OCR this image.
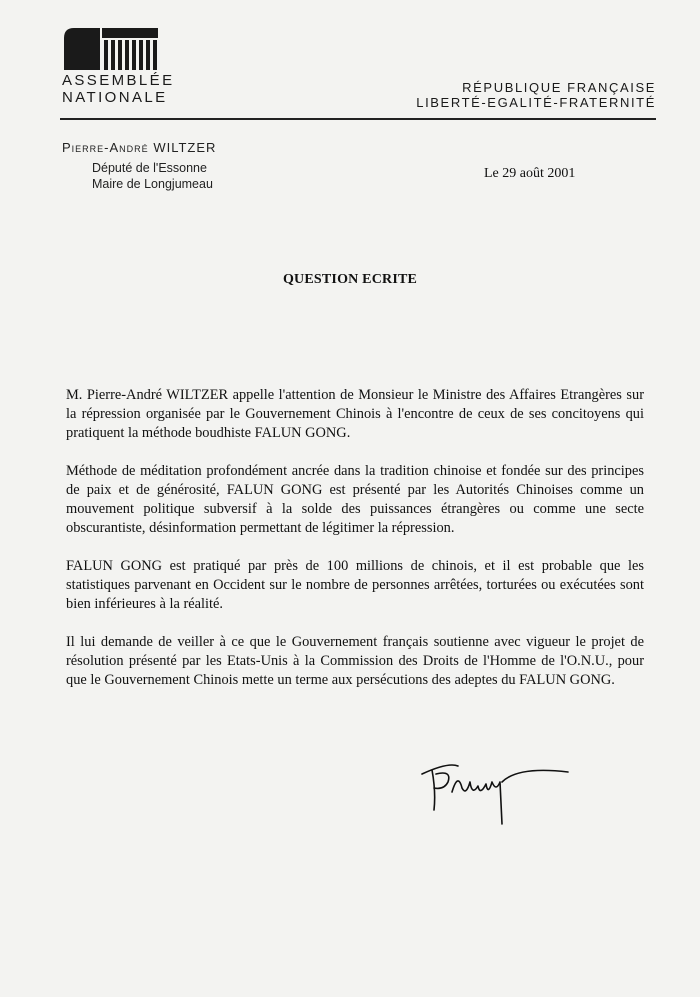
ASSEMBLÉE
NATIONALE
RÉPUBLIQUE FRANÇAISE
LIBERTÉ-EGALITÉ-FRATERNITÉ
Pierre-André WILTZER
Député de l'Essonne
Maire de Longjumeau
Le 29 août 2001
QUESTION ECRITE

M. Pierre-André WILTZER appelle l'attention de Monsieur le Ministre des Affaires Etrangères sur la répression organisée par le Gouvernement Chinois à l'encontre de ceux de ses concitoyens qui pratiquent la méthode boudhiste FALUN GONG.

Méthode de méditation profondément ancrée dans la tradition chinoise et fondée sur des principes de paix et de générosité, FALUN GONG est présenté par les Autorités Chinoises comme un mouvement politique subversif à la solde des puissances étrangères ou comme une secte obscurantiste, désinformation permettant de légitimer la répression.

FALUN GONG est pratiqué par près de 100 millions de chinois, et il est probable que les statistiques parvenant en Occident sur le nombre de personnes arrêtées, torturées ou exécutées sont bien inférieures à la réalité.

Il lui demande de veiller à ce que le Gouvernement français soutienne avec vigueur le projet de résolution présenté par les Etats-Unis à la Commission des Droits de l'Homme de l'O.N.U., pour que le Gouvernement Chinois mette un terme aux persécutions des adeptes du FALUN GONG.
